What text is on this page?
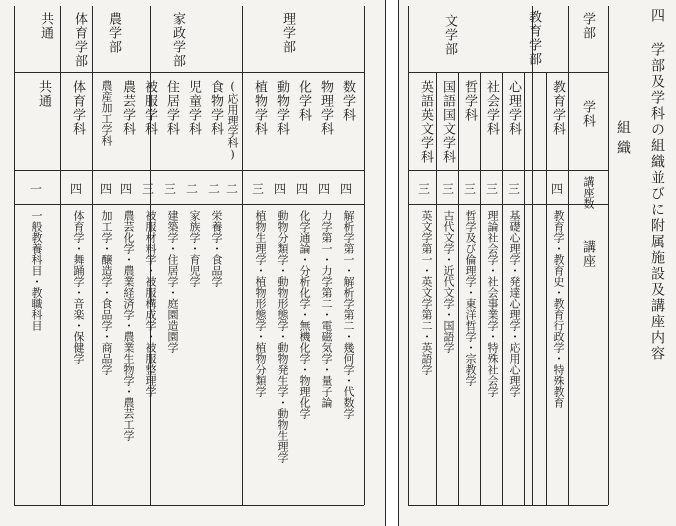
四 学部及学科の組織並びに附属施設及講座内容
組織
学部
学科
講座数
講座
教育学部
文学部
教育学科
四
教育学・教育史・教育行政学・特殊教育
心理学科
三
基礎心理学・発達心理学・応用心理学
社会学科
三
理論社会学・社会事業学・特殊社会学
哲学科
三
哲学及び倫理学・東洋哲学・宗教学
国語国文学科
三
古代文学・近代文学・国語学
英語英文学科
三
英文学第一・英文学第二・英語学
理学部
家政学部
農学部
体育学部
共通
数学科
四
解析学第一・解析学第二・幾何学・代数学
物理学科
四
力学第一・力学第二・電磁気学・量子論
化学科
四
化学通論・分析化学・無機化学・物理化学
動物学科
四
動物分類学・動物形態学・動物発生学・動物生理学
植物学科
三
植物生理学・植物形態学・植物分類学
(応用理学科)
二
食物学科
二
栄養学・食品学
児童学科
二
家族学・育児学
住居学科
三
建築学・住居学・庭園造園学
被服学科
三
被服材料学・被服構成学・被服整理学
農芸学科
四
農芸化学・農業経済学・農業生物学・農芸工学
農産加工学科
四
加工学・醸造学・食品学・商品学
体育学科
四
体育学・舞踊学・音楽・保健学
共通
一
一般教養科目・教職科目
